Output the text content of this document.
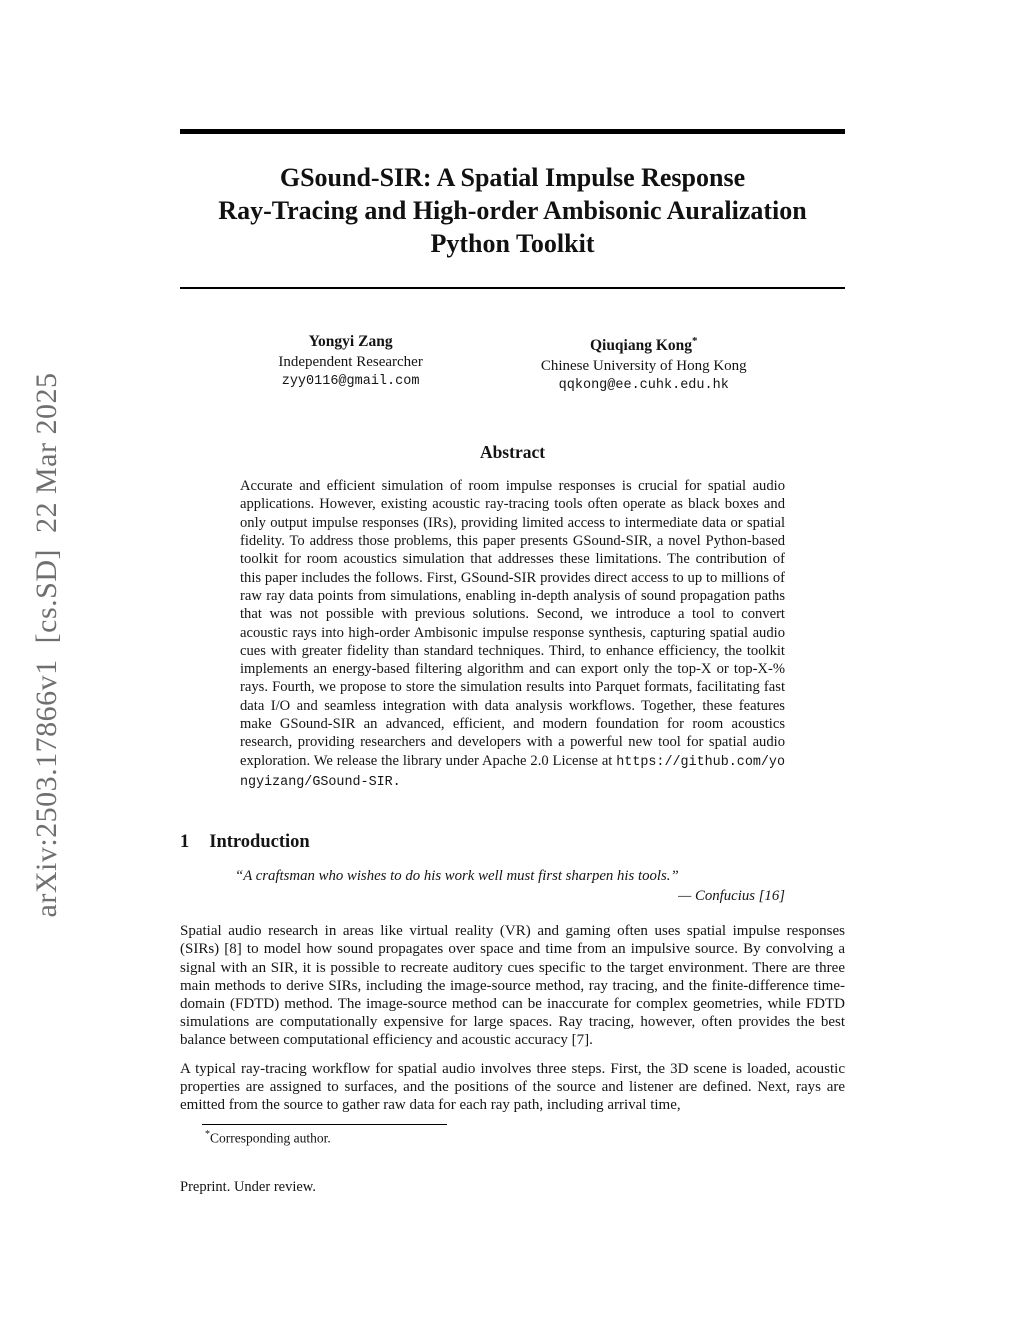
arXiv:2503.17866v1  [cs.SD]  22 Mar 2025
GSound-SIR: A Spatial Impulse Response
Ray-Tracing and High-order Ambisonic Auralization
Python Toolkit
Yongyi Zang
Independent Researcher
zyy0116@gmail.com
Qiuqiang Kong*
Chinese University of Hong Kong
qqkong@ee.cuhk.edu.hk
Abstract

Accurate and efficient simulation of room impulse responses is crucial for spatial audio applications. However, existing acoustic ray-tracing tools often operate as black boxes and only output impulse responses (IRs), providing limited access to intermediate data or spatial fidelity. To address those problems, this paper presents GSound-SIR, a novel Python-based toolkit for room acoustics simulation that addresses these limitations. The contribution of this paper includes the follows. First, GSound-SIR provides direct access to up to millions of raw ray data points from simulations, enabling in-depth analysis of sound propagation paths that was not possible with previous solutions. Second, we introduce a tool to convert acoustic rays into high-order Ambisonic impulse response synthesis, capturing spatial audio cues with greater fidelity than standard techniques. Third, to enhance efficiency, the toolkit implements an energy-based filtering algorithm and can export only the top-X or top-X-% rays. Fourth, we propose to store the simulation results into Parquet formats, facilitating fast data I/O and seamless integration with data analysis workflows. Together, these features make GSound-SIR an advanced, efficient, and modern foundation for room acoustics research, providing researchers and developers with a powerful new tool for spatial audio exploration. We release the library under Apache 2.0 License at https://github.com/yongyizang/GSound-SIR.

1 Introduction
“A craftsman who wishes to do his work well must first sharpen his tools.”
— Confucius [16]

Spatial audio research in areas like virtual reality (VR) and gaming often uses spatial impulse responses (SIRs) [8] to model how sound propagates over space and time from an impulsive source. By convolving a signal with an SIR, it is possible to recreate auditory cues specific to the target environment. There are three main methods to derive SIRs, including the image-source method, ray tracing, and the finite-difference time-domain (FDTD) method. The image-source method can be inaccurate for complex geometries, while FDTD simulations are computationally expensive for large spaces. Ray tracing, however, often provides the best balance between computational efficiency and acoustic accuracy [7].

A typical ray-tracing workflow for spatial audio involves three steps. First, the 3D scene is loaded, acoustic properties are assigned to surfaces, and the positions of the source and listener are defined. Next, rays are emitted from the source to gather raw data for each ray path, including arrival time,

*Corresponding author.
Preprint. Under review.
